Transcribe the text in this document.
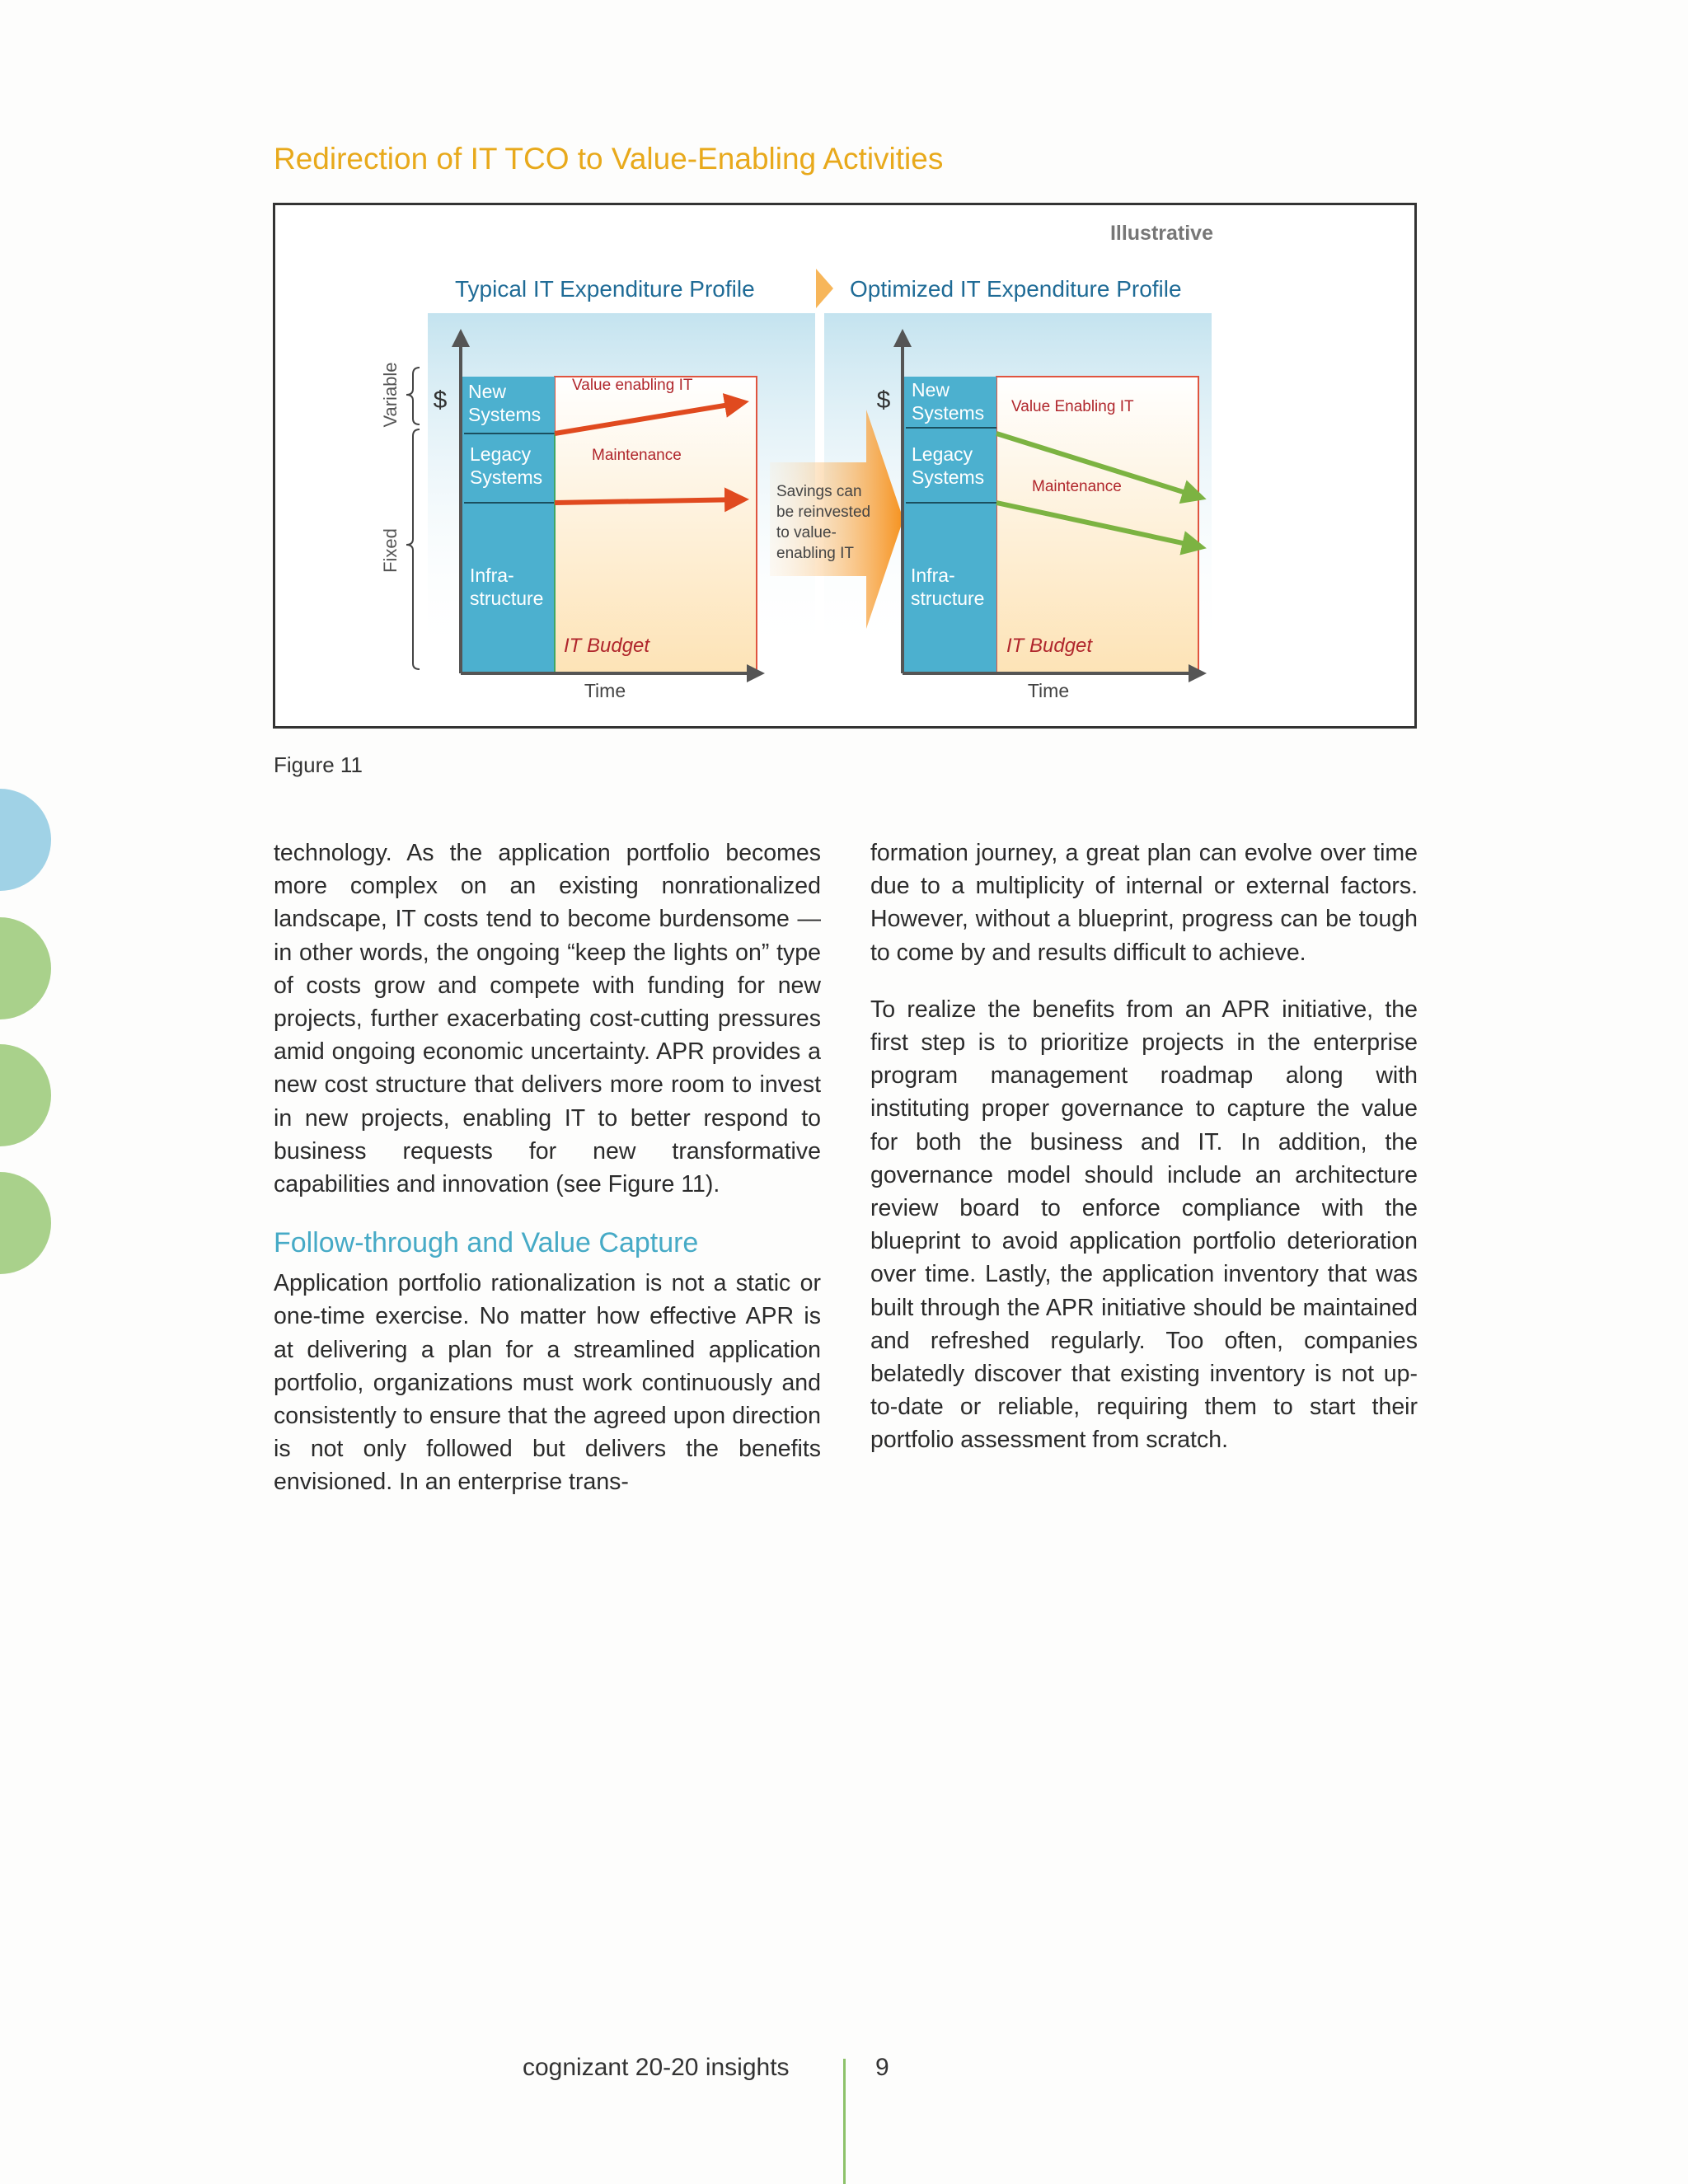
Redirection of IT TCO to Value-Enabling Activities
Illustrative
Typical IT Expenditure Profile	Optimized IT Expenditure Profile
Variable
Fixed
$
Time
New Systems
Legacy Systems
Infra-structure
Value enabling IT
Maintenance
IT Budget
Savings can be reinvested to value- enabling IT
$
Time
New Systems
Legacy Systems
Infra-structure
Value Enabling IT
Maintenance
IT Budget
Figure 11

technology. As the application portfolio becomes more complex on an existing nonrationalized landscape, IT costs tend to become burdensome — in other words, the ongoing “keep the lights on” type of costs grow and compete with funding for new projects, further exacerbating cost-cutting pressures amid ongoing economic uncertainty. APR provides a new cost structure that delivers more room to invest in new projects, enabling IT to better respond to business requests for new transformative capabilities and innovation (see Figure 11).

Follow-through and Value Capture

Application portfolio rationalization is not a static or one-time exercise. No matter how effective APR is at delivering a plan for a streamlined application portfolio, organizations must work continuously and consistently to ensure that the agreed upon direction is not only followed but delivers the benefits envisioned. In an enterprise trans-

formation journey, a great plan can evolve over time due to a multiplicity of internal or external factors. However, without a blueprint, progress can be tough to come by and results difficult to achieve.

To realize the benefits from an APR initiative, the first step is to prioritize projects in the enterprise program management roadmap along with instituting proper governance to capture the value for both the business and IT. In addition, the governance model should include an architecture review board to enforce compliance with the blueprint to avoid application portfolio deterioration over time. Lastly, the application inventory that was built through the APR initiative should be maintained and refreshed regularly. Too often, companies belatedly discover that existing inventory is not up-to-date or reliable, requiring them to start their portfolio assessment from scratch.

cognizant 20-20 insights	9
